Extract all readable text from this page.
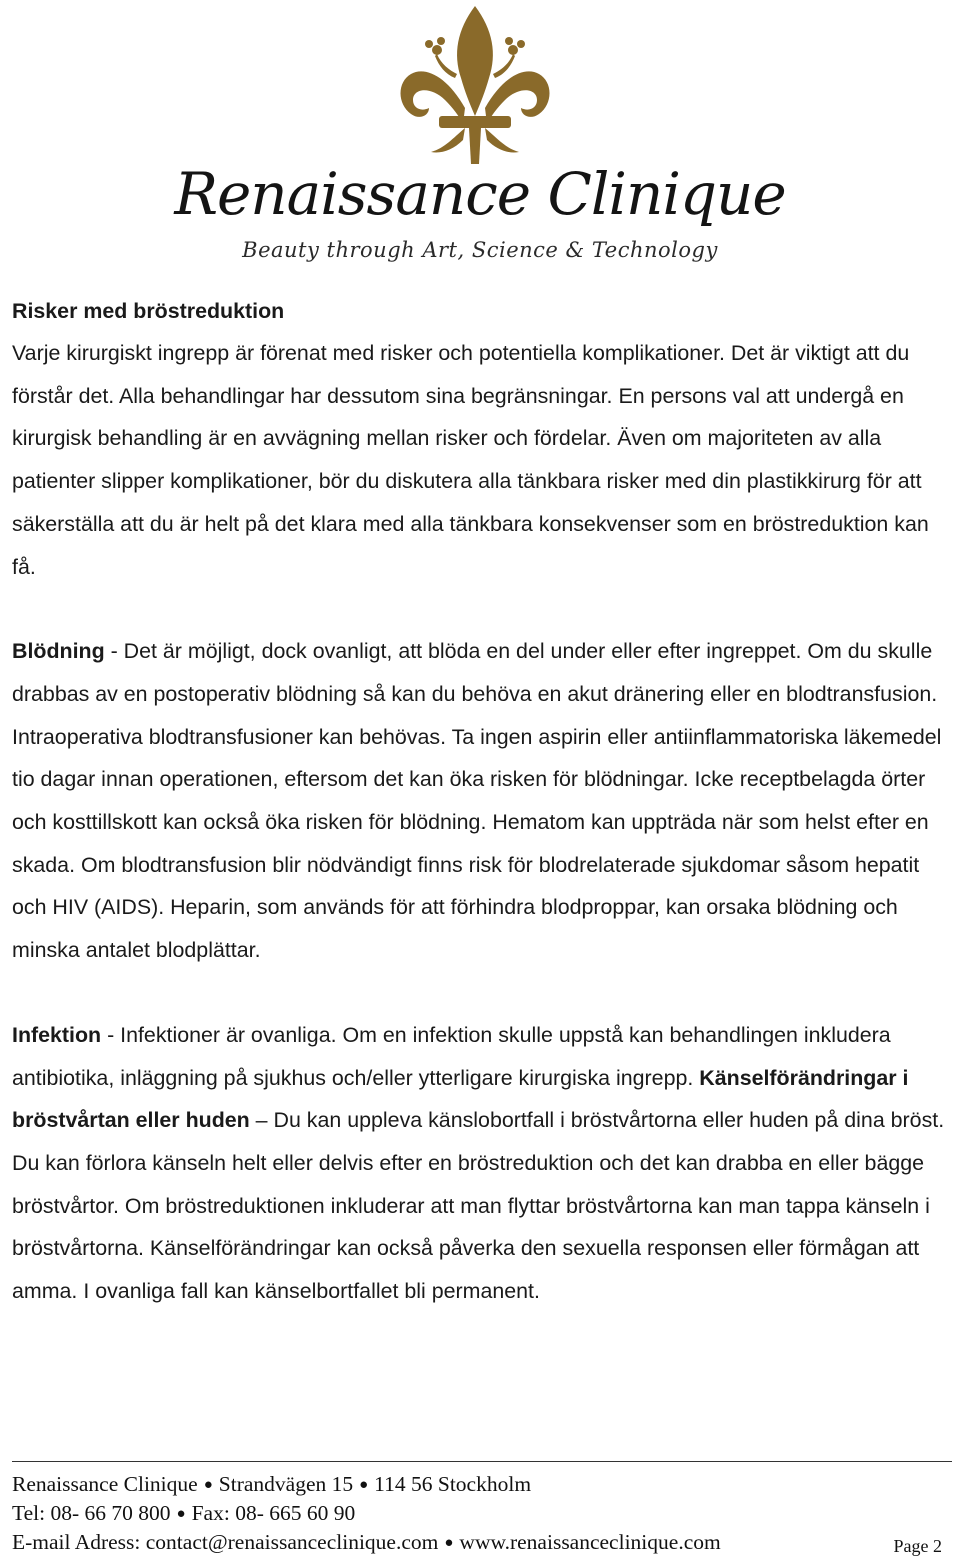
Renaissance Clinique
Beauty through Art, Science & Technology
Risker med bröstreduktion

Varje kirurgiskt ingrepp är förenat med risker och potentiella komplikationer. Det är viktigt att du förstår det. Alla behandlingar har dessutom sina begränsningar. En persons val att undergå en kirurgisk behandling är en avvägning mellan risker och fördelar. Även om majoriteten av alla patienter slipper komplikationer, bör du diskutera alla tänkbara risker med din plastikkirurg för att säkerställa att du är helt på det klara med alla tänkbara konsekvenser som en bröstreduktion kan få.

Blödning - Det är möjligt, dock ovanligt, att blöda en del under eller efter ingreppet. Om du skulle drabbas av en postoperativ blödning så kan du behöva en akut dränering eller en blodtransfusion. Intraoperativa blodtransfusioner kan behövas. Ta ingen aspirin eller antiinflammatoriska läkemedel tio dagar innan operationen, eftersom det kan öka risken för blödningar. Icke receptbelagda örter och kosttillskott kan också öka risken för blödning. Hematom kan uppträda när som helst efter en skada. Om blodtransfusion blir nödvändigt finns risk för blodrelaterade sjukdomar såsom hepatit och HIV (AIDS). Heparin, som används för att förhindra blodproppar, kan orsaka blödning och minska antalet blodplättar.

Infektion - Infektioner är ovanliga. Om en infektion skulle uppstå kan behandlingen inkludera antibiotika, inläggning på sjukhus och/eller ytterligare kirurgiska ingrepp. Känselförändringar i bröstvårtan eller huden – Du kan uppleva känslobortfall i bröstvårtorna eller huden på dina bröst. Du kan förlora känseln helt eller delvis efter en bröstreduktion och det kan drabba en eller bägge bröstvårtor. Om bröstreduktionen inkluderar att man flyttar bröstvårtorna kan man tappa känseln i bröstvårtorna. Känselförändringar kan också påverka den sexuella responsen eller förmågan att amma. I ovanliga fall kan känselbortfallet bli permanent.

Renaissance Clinique ● Strandvägen 15 ● 114 56 Stockholm
Tel: 08- 66 70 800 ● Fax: 08- 665 60 90
E-mail Adress: contact@renaissanceclinique.com ● www.renaissanceclinique.com	Page 2
